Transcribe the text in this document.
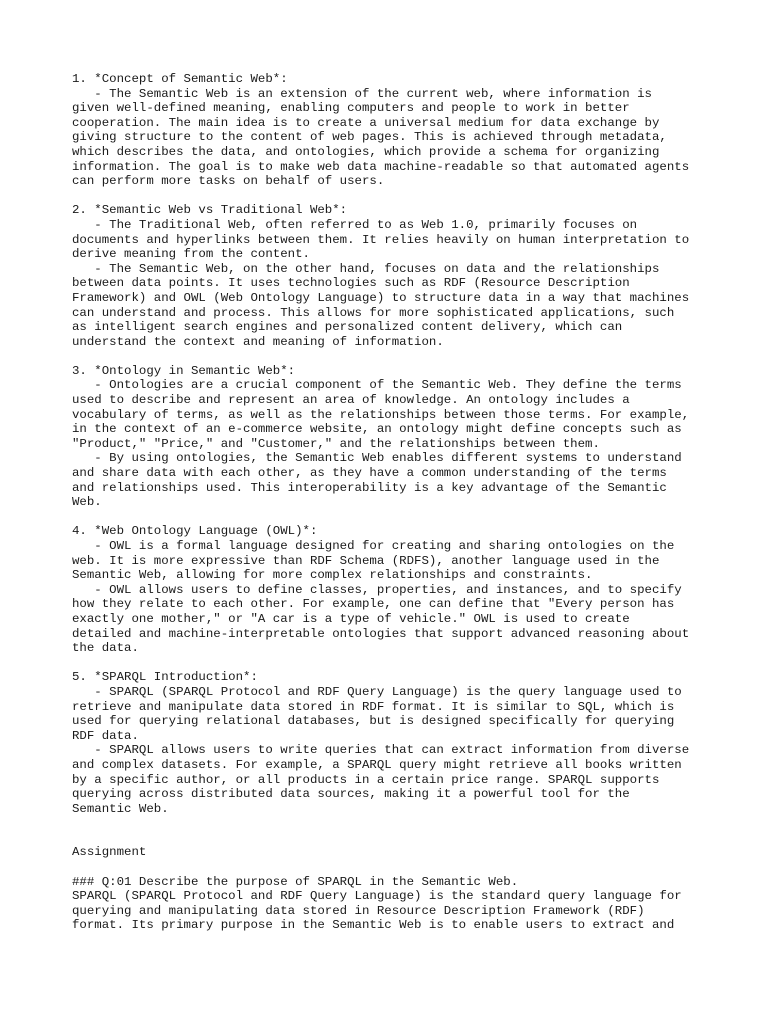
1. *Concept of Semantic Web*:
- The Semantic Web is an extension of the current web, where information is
given well-defined meaning, enabling computers and people to work in better
cooperation. The main idea is to create a universal medium for data exchange by
giving structure to the content of web pages. This is achieved through metadata,
which describes the data, and ontologies, which provide a schema for organizing
information. The goal is to make web data machine-readable so that automated agents
can perform more tasks on behalf of users.
2. *Semantic Web vs Traditional Web*:
- The Traditional Web, often referred to as Web 1.0, primarily focuses on
documents and hyperlinks between them. It relies heavily on human interpretation to
derive meaning from the content.
- The Semantic Web, on the other hand, focuses on data and the relationships
between data points. It uses technologies such as RDF (Resource Description
Framework) and OWL (Web Ontology Language) to structure data in a way that machines
can understand and process. This allows for more sophisticated applications, such
as intelligent search engines and personalized content delivery, which can
understand the context and meaning of information.
3. *Ontology in Semantic Web*:
- Ontologies are a crucial component of the Semantic Web. They define the terms
used to describe and represent an area of knowledge. An ontology includes a
vocabulary of terms, as well as the relationships between those terms. For example,
in the context of an e-commerce website, an ontology might define concepts such as
"Product," "Price," and "Customer," and the relationships between them.
- By using ontologies, the Semantic Web enables different systems to understand
and share data with each other, as they have a common understanding of the terms
and relationships used. This interoperability is a key advantage of the Semantic
Web.
4. *Web Ontology Language (OWL)*:
- OWL is a formal language designed for creating and sharing ontologies on the
web. It is more expressive than RDF Schema (RDFS), another language used in the
Semantic Web, allowing for more complex relationships and constraints.
- OWL allows users to define classes, properties, and instances, and to specify
how they relate to each other. For example, one can define that "Every person has
exactly one mother," or "A car is a type of vehicle." OWL is used to create
detailed and machine-interpretable ontologies that support advanced reasoning about
the data.
5. *SPARQL Introduction*:
- SPARQL (SPARQL Protocol and RDF Query Language) is the query language used to
retrieve and manipulate data stored in RDF format. It is similar to SQL, which is
used for querying relational databases, but is designed specifically for querying
RDF data.
- SPARQL allows users to write queries that can extract information from diverse
and complex datasets. For example, a SPARQL query might retrieve all books written
by a specific author, or all products in a certain price range. SPARQL supports
querying across distributed data sources, making it a powerful tool for the
Semantic Web.
Assignment
### Q:01 Describe the purpose of SPARQL in the Semantic Web.
SPARQL (SPARQL Protocol and RDF Query Language) is the standard query language for
querying and manipulating data stored in Resource Description Framework (RDF)
format. Its primary purpose in the Semantic Web is to enable users to extract and
